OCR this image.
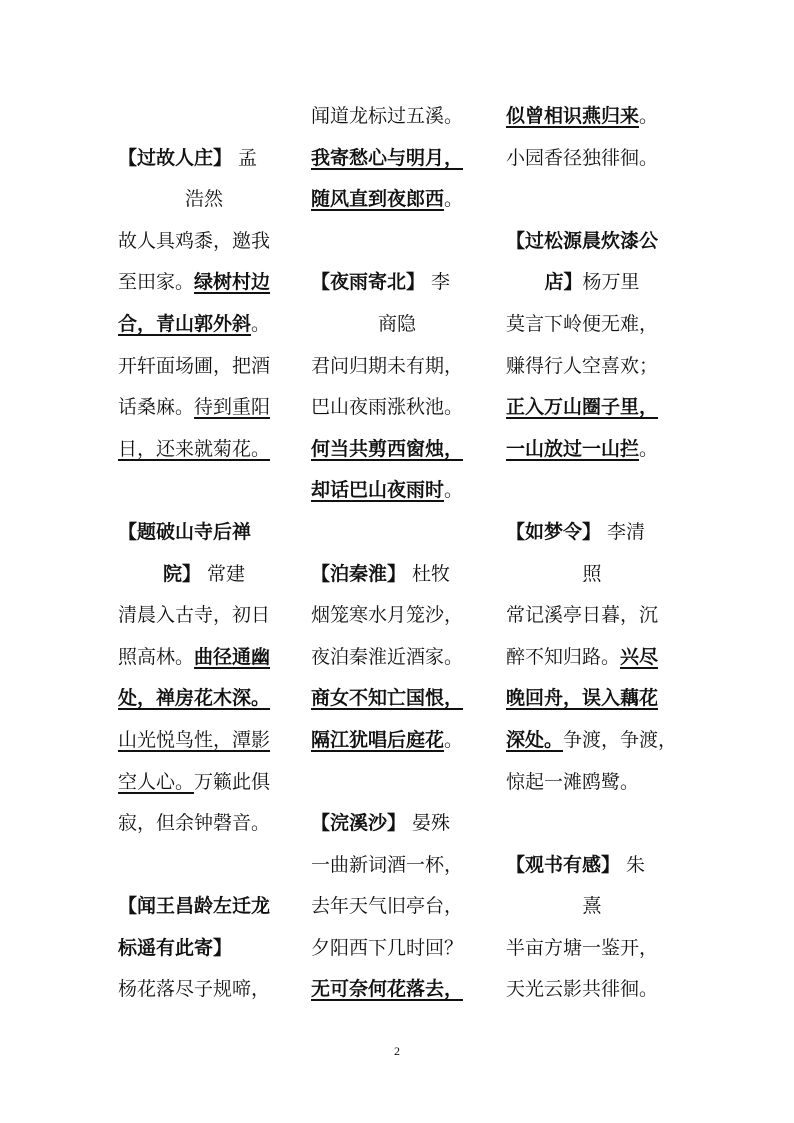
【过故人庄】 孟
浩然
故人具鸡黍，邀我
至田家。绿树村边
合，青山郭外斜。
开轩面场圃，把酒
话桑麻。待到重阳
日，还来就菊花。
【题破山寺后禅
院】 常建
清晨入古寺，初日
照高林。曲径通幽
处，禅房花木深。
山光悦鸟性，潭影
空人心。万籁此俱
寂，但余钟磬音。
【闻王昌龄左迁龙
标遥有此寄】
杨花落尽子规啼，
闻道龙标过五溪。
我寄愁心与明月，
随风直到夜郎西。
【夜雨寄北】 李
商隐
君问归期未有期，
巴山夜雨涨秋池。
何当共剪西窗烛，
却话巴山夜雨时。
【泊秦淮】 杜牧
烟笼寒水月笼沙，
夜泊秦淮近酒家。
商女不知亡国恨，
隔江犹唱后庭花。
【浣溪沙】 晏殊
一曲新词酒一杯，
去年天气旧亭台，
夕阳西下几时回？
无可奈何花落去，
似曾相识燕归来。
小园香径独徘徊。
【过松源晨炊漆公
店】杨万里
莫言下岭便无难，
赚得行人空喜欢；
正入万山圈子里，
一山放过一山拦。
【如梦令】 李清
照
常记溪亭日暮，沉
醉不知归路。兴尽
晚回舟，误入藕花
深处。争渡，争渡，
惊起一滩鸥鹭。
【观书有感】 朱
熹
半亩方塘一鉴开，
天光云影共徘徊。
2
